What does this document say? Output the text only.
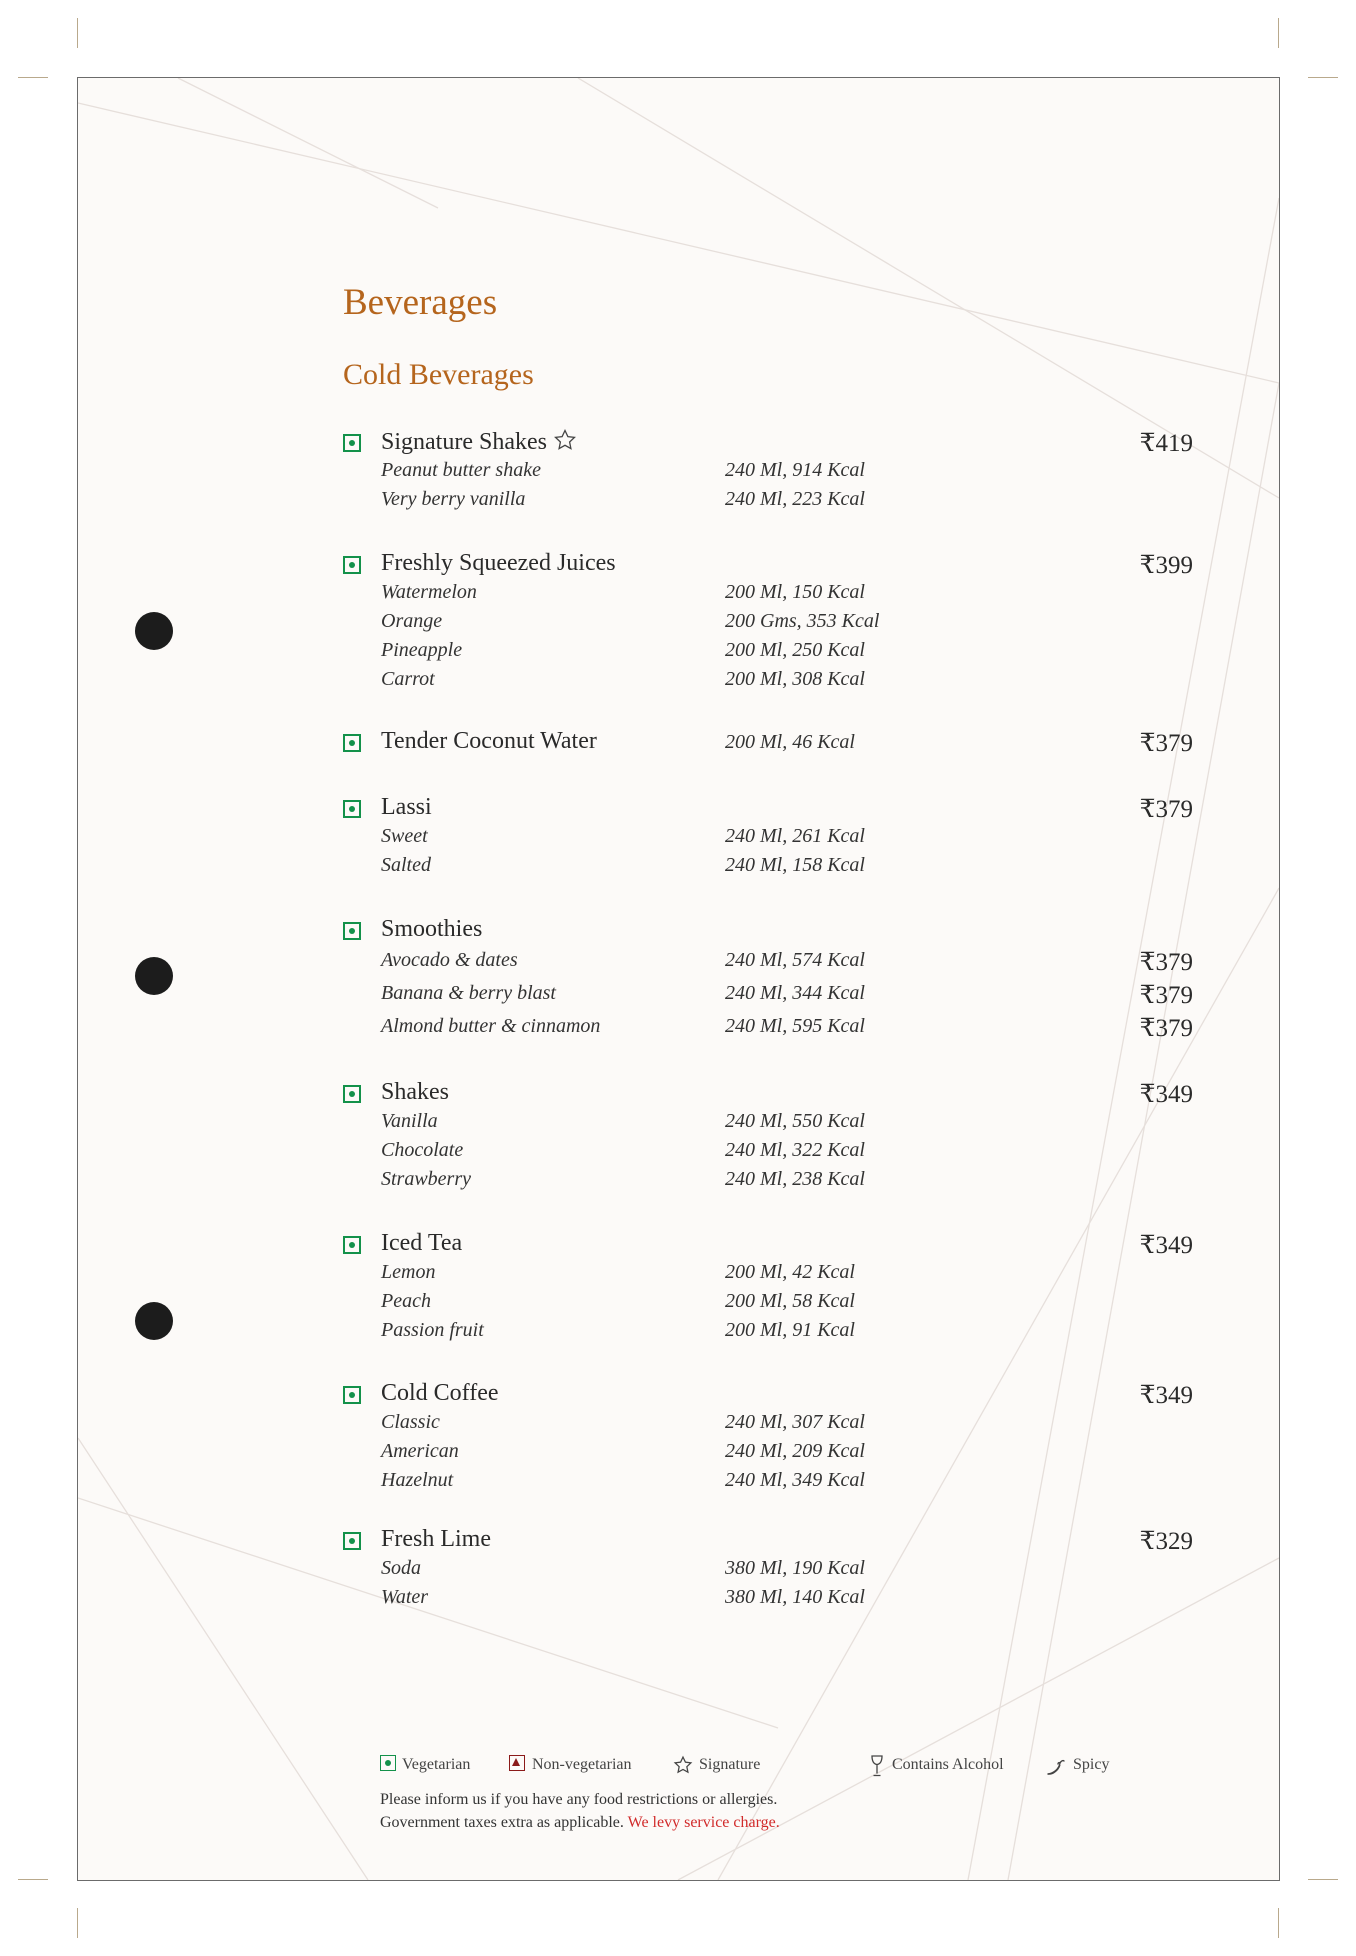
Beverages
Cold Beverages
Signature Shakes	₹419
Peanut butter shake	240 Ml, 914 Kcal
Very berry vanilla	240 Ml, 223 Kcal
Freshly Squeezed Juices	₹399
Watermelon	200 Ml, 150 Kcal
Orange	200 Gms, 353 Kcal
Pineapple	200 Ml, 250 Kcal
Carrot	200 Ml, 308 Kcal
Tender Coconut Water	200 Ml, 46 Kcal	₹379
Lassi	₹379
Sweet	240 Ml, 261 Kcal
Salted	240 Ml, 158 Kcal
Smoothies
Avocado & dates	240 Ml, 574 Kcal	₹379
Banana & berry blast	240 Ml, 344 Kcal	₹379
Almond butter & cinnamon	240 Ml, 595 Kcal	₹379
Shakes	₹349
Vanilla	240 Ml, 550 Kcal
Chocolate	240 Ml, 322 Kcal
Strawberry	240 Ml, 238 Kcal
Iced Tea	₹349
Lemon	200 Ml, 42 Kcal
Peach	200 Ml, 58 Kcal
Passion fruit	200 Ml, 91 Kcal
Cold Coffee	₹349
Classic	240 Ml, 307 Kcal
American	240 Ml, 209 Kcal
Hazelnut	240 Ml, 349 Kcal
Fresh Lime	₹329
Soda	380 Ml, 190 Kcal
Water	380 Ml, 140 Kcal
Vegetarian	Non-vegetarian	Signature	Contains Alcohol	Spicy
Please inform us if you have any food restrictions or allergies.
Government taxes extra as applicable. We levy service charge.
